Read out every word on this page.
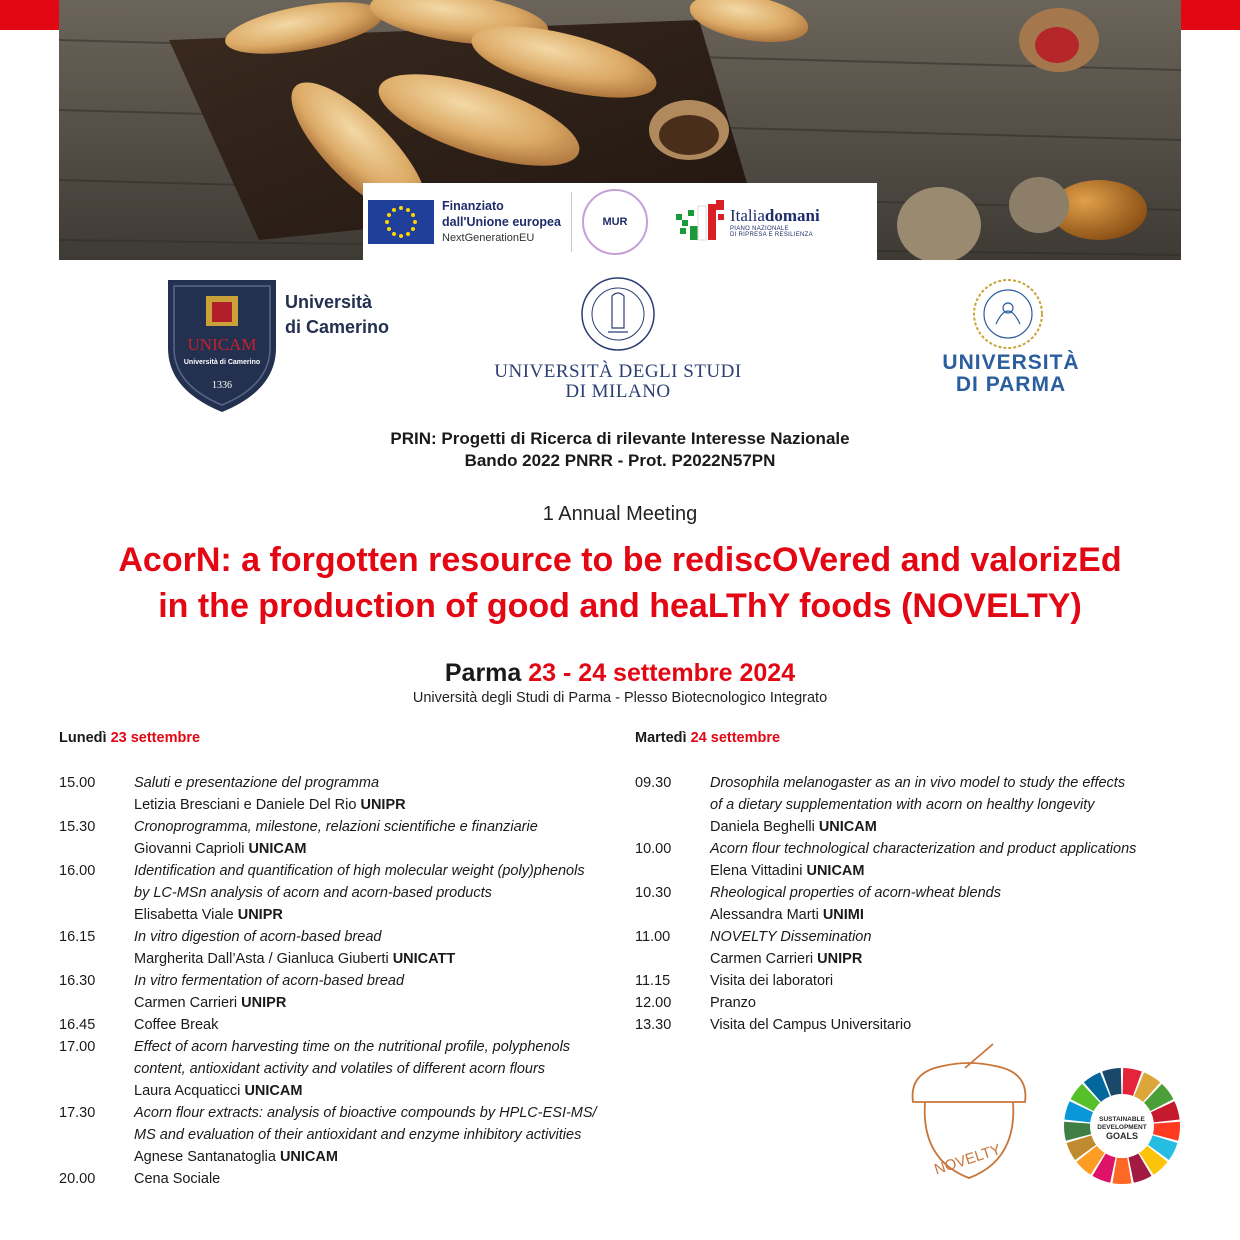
Finanziato
dall'Unione europea
NextGenerationEU
MUR	Italiadomani
PIANO NAZIONALE
DI RIPRESA E RESILIENZA
UNICAM
Università di Camerino
1336
Università
di Camerino
UNIVERSITÀ DEGLI STUDI
DI MILANO
UNIVERSITÀ
DI PARMA
PRIN: Progetti di Ricerca di rilevante Interesse Nazionale
Bando 2022 PNRR - Prot. P2022N57PN
1 Annual Meeting
AcorN: a forgotten resource to be rediscOVered and valorizEd
in the production of good and heaLThY foods (NOVELTY)
Parma 23 - 24 settembre 2024
Università degli Studi di Parma - Plesso Biotecnologico Integrato
Lunedì 23 settembre	Martedì 24 settembre
15.00	Saluti e presentazione del programma
Letizia Bresciani e Daniele Del Rio UNIPR
15.30	Cronoprogramma, milestone, relazioni scientifiche e finanziarie
Giovanni Caprioli UNICAM
16.00	Identification and quantification of high molecular weight (poly)phenols
by LC-MSn analysis of acorn and acorn-based products
Elisabetta Viale UNIPR
16.15	In vitro digestion of acorn-based bread
Margherita Dall’Asta / Gianluca Giuberti UNICATT
16.30	In vitro fermentation of acorn-based bread
Carmen Carrieri UNIPR
16.45	Coffee Break
17.00	Effect of acorn harvesting time on the nutritional profile, polyphenols
content, antioxidant activity and volatiles of different acorn flours
Laura Acquaticci UNICAM
17.30	Acorn flour extracts: analysis of bioactive compounds by HPLC-ESI-MS/
MS and evaluation of their antioxidant and enzyme inhibitory activities
Agnese Santanatoglia UNICAM
20.00	Cena Sociale
09.30	Drosophila melanogaster as an in vivo model to study the effects
of a dietary supplementation with acorn on healthy longevity
Daniela Beghelli UNICAM
10.00	Acorn flour technological characterization and product applications
Elena Vittadini UNICAM
10.30	Rheological properties of acorn-wheat blends
Alessandra Marti UNIMI
11.00	NOVELTY Dissemination
Carmen Carrieri UNIPR
11.15	Visita dei laboratori
12.00	Pranzo
13.30	Visita del Campus Universitario
NOVELTY
SUSTAINABLE
DEVELOPMENT
GOALS
